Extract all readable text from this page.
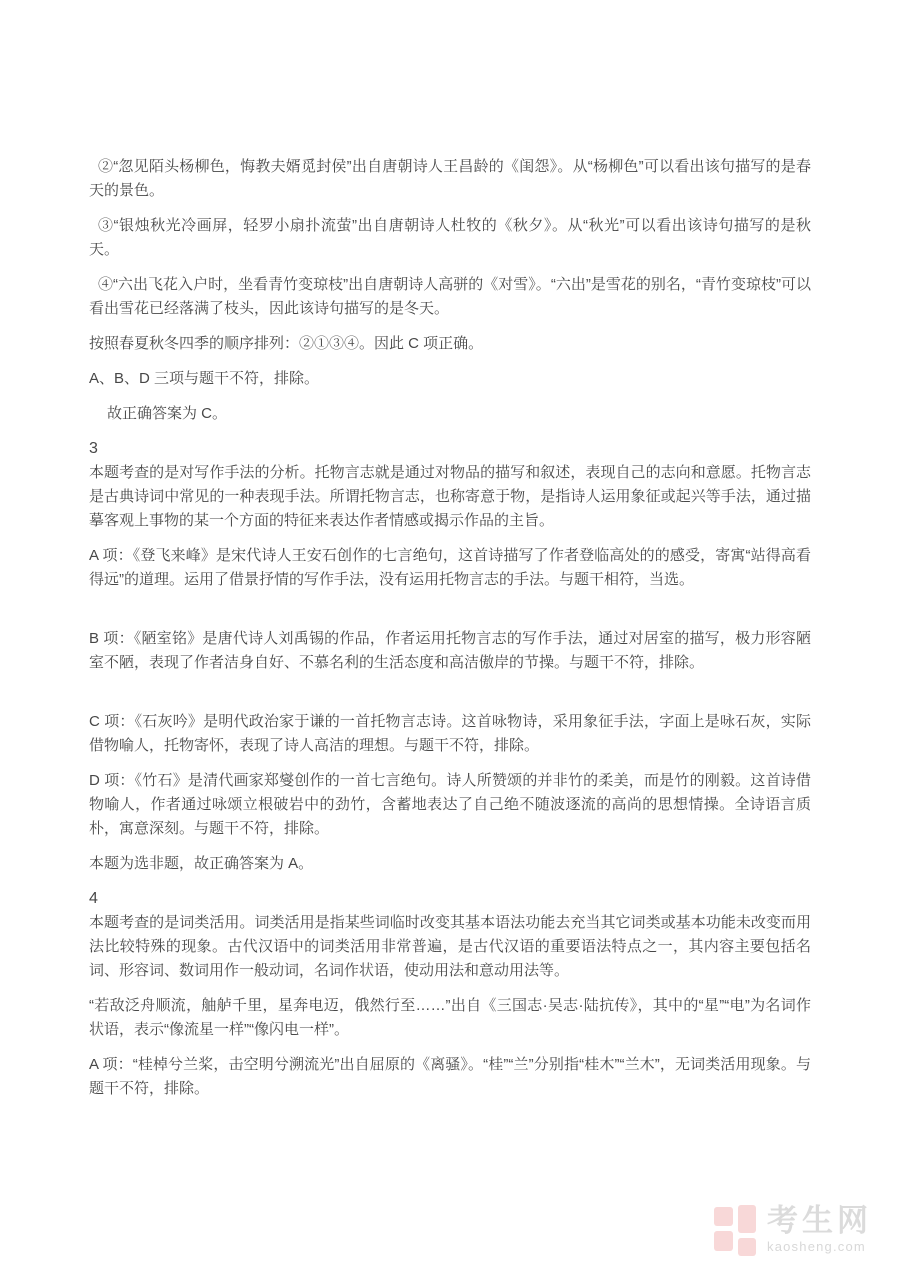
②“忽见陌头杨柳色，悔教夫婿觅封侯”出自唐朝诗人王昌龄的《闺怨》。从“杨柳色”可以看出该句描写的是春天的景色。

③“银烛秋光冷画屏，轻罗小扇扑流萤”出自唐朝诗人杜牧的《秋夕》。从“秋光”可以看出该诗句描写的是秋天。

④“六出飞花入户时，坐看青竹变琼枝”出自唐朝诗人高骈的《对雪》。“六出”是雪花的别名，“青竹变琼枝”可以看出雪花已经落满了枝头，因此该诗句描写的是冬天。

按照春夏秋冬四季的顺序排列：②①③④。因此 C 项正确。

A、B、D 三项与题干不符，排除。

故正确答案为 C。

3

本题考查的是对写作手法的分析。托物言志就是通过对物品的描写和叙述，表现自己的志向和意愿。托物言志是古典诗词中常见的一种表现手法。所谓托物言志，也称寄意于物，是指诗人运用象征或起兴等手法，通过描摹客观上事物的某一个方面的特征来表达作者情感或揭示作品的主旨。

A 项：《登飞来峰》是宋代诗人王安石创作的七言绝句，这首诗描写了作者登临高处的的感受，寄寓“站得高看得远”的道理。运用了借景抒情的写作手法，没有运用托物言志的手法。与题干相符，当选。

B 项：《陋室铭》是唐代诗人刘禹锡的作品，作者运用托物言志的写作手法，通过对居室的描写，极力形容陋室不陋，表现了作者洁身自好、不慕名利的生活态度和高洁傲岸的节操。与题干不符，排除。

C 项：《石灰吟》是明代政治家于谦的一首托物言志诗。这首咏物诗，采用象征手法，字面上是咏石灰，实际借物喻人，托物寄怀，表现了诗人高洁的理想。与题干不符，排除。

D 项：《竹石》是清代画家郑燮创作的一首七言绝句。诗人所赞颂的并非竹的柔美，而是竹的刚毅。这首诗借物喻人，作者通过咏颂立根破岩中的劲竹，含蓄地表达了自己绝不随波逐流的高尚的思想情操。全诗语言质朴，寓意深刻。与题干不符，排除。

本题为选非题，故正确答案为 A。

4

本题考查的是词类活用。词类活用是指某些词临时改变其基本语法功能去充当其它词类或基本功能未改变而用法比较特殊的现象。古代汉语中的词类活用非常普遍，是古代汉语的重要语法特点之一，其内容主要包括名词、形容词、数词用作一般动词，名词作状语，使动用法和意动用法等。

“若敌泛舟顺流，舳舻千里，星奔电迈，俄然行至……”出自《三国志·吴志·陆抗传》，其中的“星”“电”为名词作状语，表示“像流星一样”“像闪电一样”。

A 项：“桂棹兮兰桨，击空明兮溯流光”出自屈原的《离骚》。“桂”“兰”分别指“桂木”“兰木”，无词类活用现象。与题干不符，排除。

考生网
kaosheng.com
